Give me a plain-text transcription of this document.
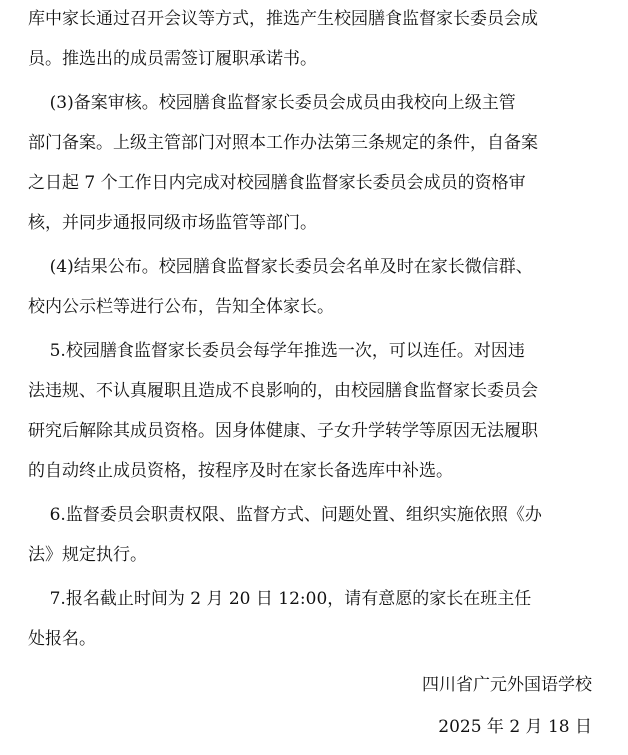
库中家长通过召开会议等方式，推选产生校园膳食监督家长委员会成
员。推选出的成员需签订履职承诺书。
(3)备案审核。校园膳食监督家长委员会成员由我校向上级主管
部门备案。上级主管部门对照本工作办法第三条规定的条件，自备案
之日起 7 个工作日内完成对校园膳食监督家长委员会成员的资格审
核，并同步通报同级市场监管等部门。
(4)结果公布。校园膳食监督家长委员会名单及时在家长微信群、
校内公示栏等进行公布，告知全体家长。
5.校园膳食监督家长委员会每学年推选一次，可以连任。对因违
法违规、不认真履职且造成不良影响的，由校园膳食监督家长委员会
研究后解除其成员资格。因身体健康、子女升学转学等原因无法履职
的自动终止成员资格，按程序及时在家长备选库中补选。
6.监督委员会职责权限、监督方式、问题处置、组织实施依照《办
法》规定执行。
7.报名截止时间为 2 月 20 日 12:00，请有意愿的家长在班主任
处报名。
四川省广元外国语学校
2025 年 2 月 18 日
